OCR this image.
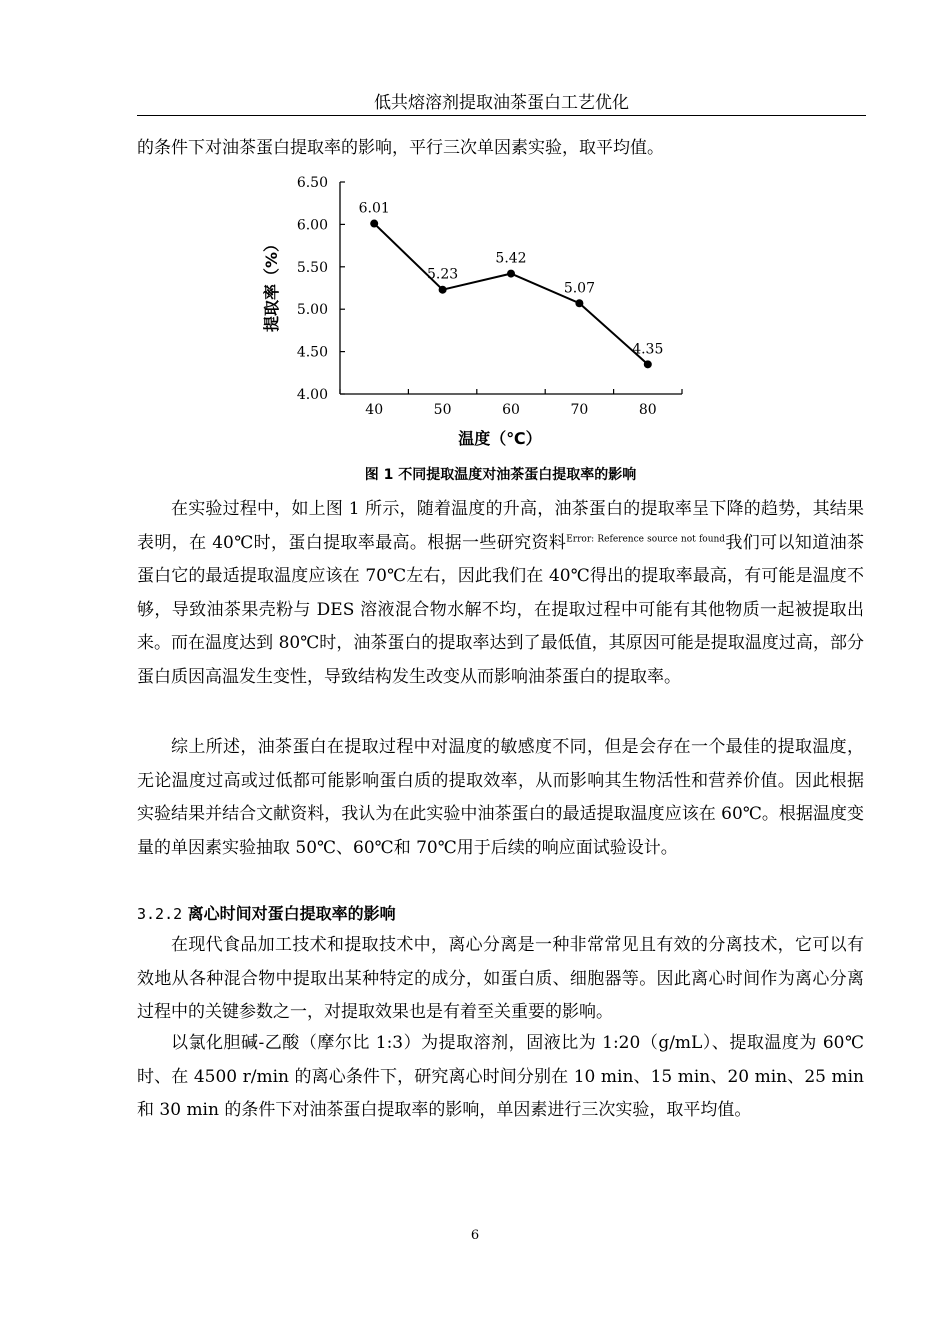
低共熔溶剂提取油茶蛋白工艺优化

的条件下对油茶蛋白提取率的影响，平行三次单因素实验，取平均值。

4.00
4.50
5.00
5.50
6.00
6.50
40	50	60	70	80
6.01
5.23
5.42
5.07
4.35
提取率（%）
温度（℃）
图 1 不同提取温度对油茶蛋白提取率的影响

在实验过程中，如上图 1 所示，随着温度的升高，油茶蛋白的提取率呈下降的趋势，其结果表明，在 40℃时，蛋白提取率最高。根据一些研究资料$^{Error: Reference source not found}$我们可以知道油茶蛋白它的最适提取温度应该在 70℃左右，因此我们在 40℃得出的提取率最高，有可能是温度不够，导致油茶果壳粉与 DES 溶液混合物水解不均，在提取过程中可能有其他物质一起被提取出来。而在温度达到 80℃时，油茶蛋白的提取率达到了最低值，其原因可能是提取温度过高，部分蛋白质因高温发生变性，导致结构发生改变从而影响油茶蛋白的提取率。

综上所述，油茶蛋白在提取过程中对温度的敏感度不同，但是会存在一个最佳的提取温度，无论温度过高或过低都可能影响蛋白质的提取效率，从而影响其生物活性和营养价值。因此根据实验结果并结合文献资料，我认为在此实验中油茶蛋白的最适提取温度应该在 60℃。根据温度变量的单因素实验抽取 50℃、60℃和 70℃用于后续的响应面试验设计。

3.2.2 离心时间对蛋白提取率的影响

在现代食品加工技术和提取技术中，离心分离是一种非常常见且有效的分离技术，它可以有效地从各种混合物中提取出某种特定的成分，如蛋白质、细胞器等。因此离心时间作为离心分离过程中的关键参数之一，对提取效果也是有着至关重要的影响。

以氯化胆碱-乙酸（摩尔比 1:3）为提取溶剂，固液比为 1:20（g/mL）、提取温度为 60℃时、在 4500 r/min 的离心条件下，研究离心时间分别在 10 min、15 min、20 min、25 min 和 30 min 的条件下对油茶蛋白提取率的影响，单因素进行三次实验，取平均值。

6
